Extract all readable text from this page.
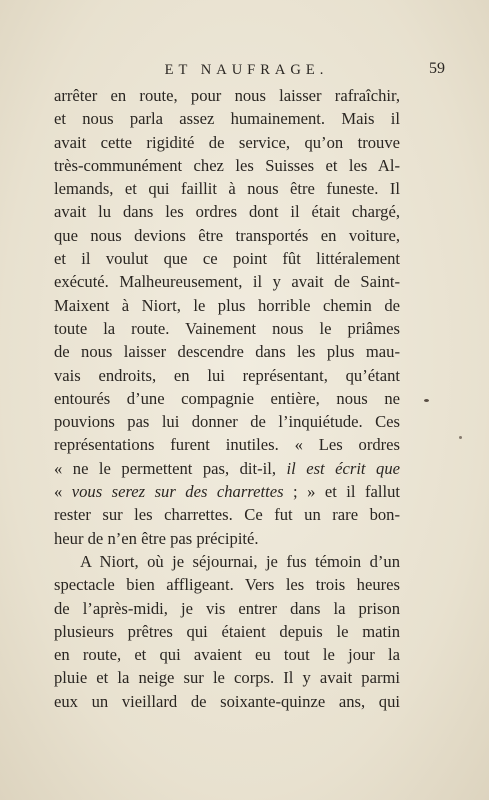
ET NAUFRAGE.	59
arrêter en route, pour nous laisser rafraîchir,
et nous parla assez humainement. Mais il
avait cette rigidité de service, qu’on trouve
très-communément chez les Suisses et les Al-
lemands, et qui faillit à nous être funeste. Il
avait lu dans les ordres dont il était chargé,
que nous devions être transportés en voiture,
et il voulut que ce point fût littéralement
exécuté. Malheureusement, il y avait de Saint-
Maixent à Niort, le plus horrible chemin de
toute la route. Vainement nous le priâmes
de nous laisser descendre dans les plus mau-
vais endroits, en lui représentant, qu’étant
entourés d’une compagnie entière, nous ne
pouvions pas lui donner de l’inquiétude. Ces
représentations furent inutiles. « Les ordres
« ne le permettent pas, dit-il, il est écrit que
« vous serez sur des charrettes ; » et il fallut
rester sur les charrettes. Ce fut un rare bon-
heur de n’en être pas précipité.
A Niort, où je séjournai, je fus témoin d’un
spectacle bien affligeant. Vers les trois heures
de l’après-midi, je vis entrer dans la prison
plusieurs prêtres qui étaient depuis le matin
en route, et qui avaient eu tout le jour la
pluie et la neige sur le corps. Il y avait parmi
eux un vieillard de soixante-quinze ans, qui
